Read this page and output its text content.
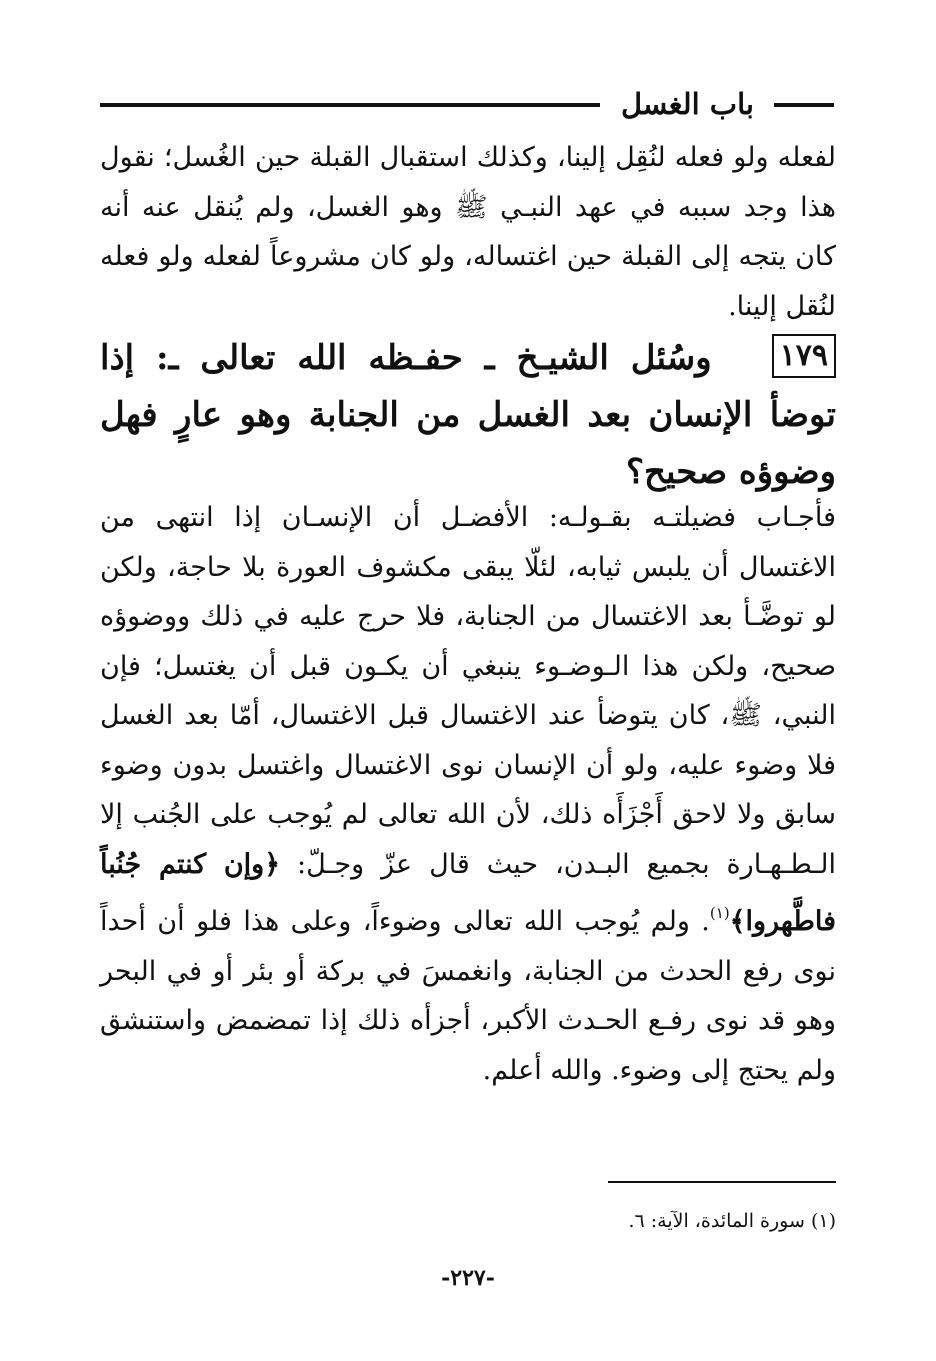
باب الغسل

لفعله ولو فعله لنُقِل إلينا، وكذلك استقبال القبلة حين الغُسل؛ نقول هذا وجد سببه في عهد النبـي ﷺ وهو الغسل، ولم يُنقل عنه أنه كان يتجه إلى القبلة حين اغتساله، ولو كان مشروعاً لفعله ولو فعله لنُقل إلينا.

١٧٩وسُئل الشيـخ ـ حفـظه الله تعالى ـ: إذا توضأ الإنسان بعد الغسل من الجنابة وهو عارٍ فهل وضوؤه صحيح؟

فأجـاب فضيلتـه بقـولـه: الأفضـل أن الإنسـان إذا انتهى من الاغتسال أن يلبس ثيابه، لئلّا يبقى مكشوف العورة بلا حاجة، ولكن لو توضَّـأ بعد الاغتسال من الجنابة، فلا حرج عليه في ذلك ووضوؤه صحيح، ولكن هذا الـوضـوء ينبغي أن يكـون قبل أن يغتسل؛ فإن النبي، ﷺ، كان يتوضأ عند الاغتسال قبل الاغتسال، أمّا بعد الغسل فلا وضوء عليه، ولو أن الإنسان نوى الاغتسال واغتسل بدون وضوء سابق ولا لاحق أَجْزَأَه ذلك، لأن الله تعالى لم يُوجب على الجُنب إلا الـطـهـارة بجميع البـدن، حيث قال عزّ وجـلّ: ﴿وإن كنتم جُنُباً فاطَّهروا﴾$^{(١)}$. ولم يُوجب الله تعالى وضوءاً، وعلى هذا فلو أن أحداً نوى رفع الحدث من الجنابة، وانغمسَ في بركة أو بئر أو في البحر وهو قد نوى رفـع الحـدث الأكبر، أجزأه ذلك إذا تمضمض واستنشق ولم يحتج إلى وضوء. والله أعلم.

(١) سورة المائدة، الآية: ٦.

-٢٢٧-
